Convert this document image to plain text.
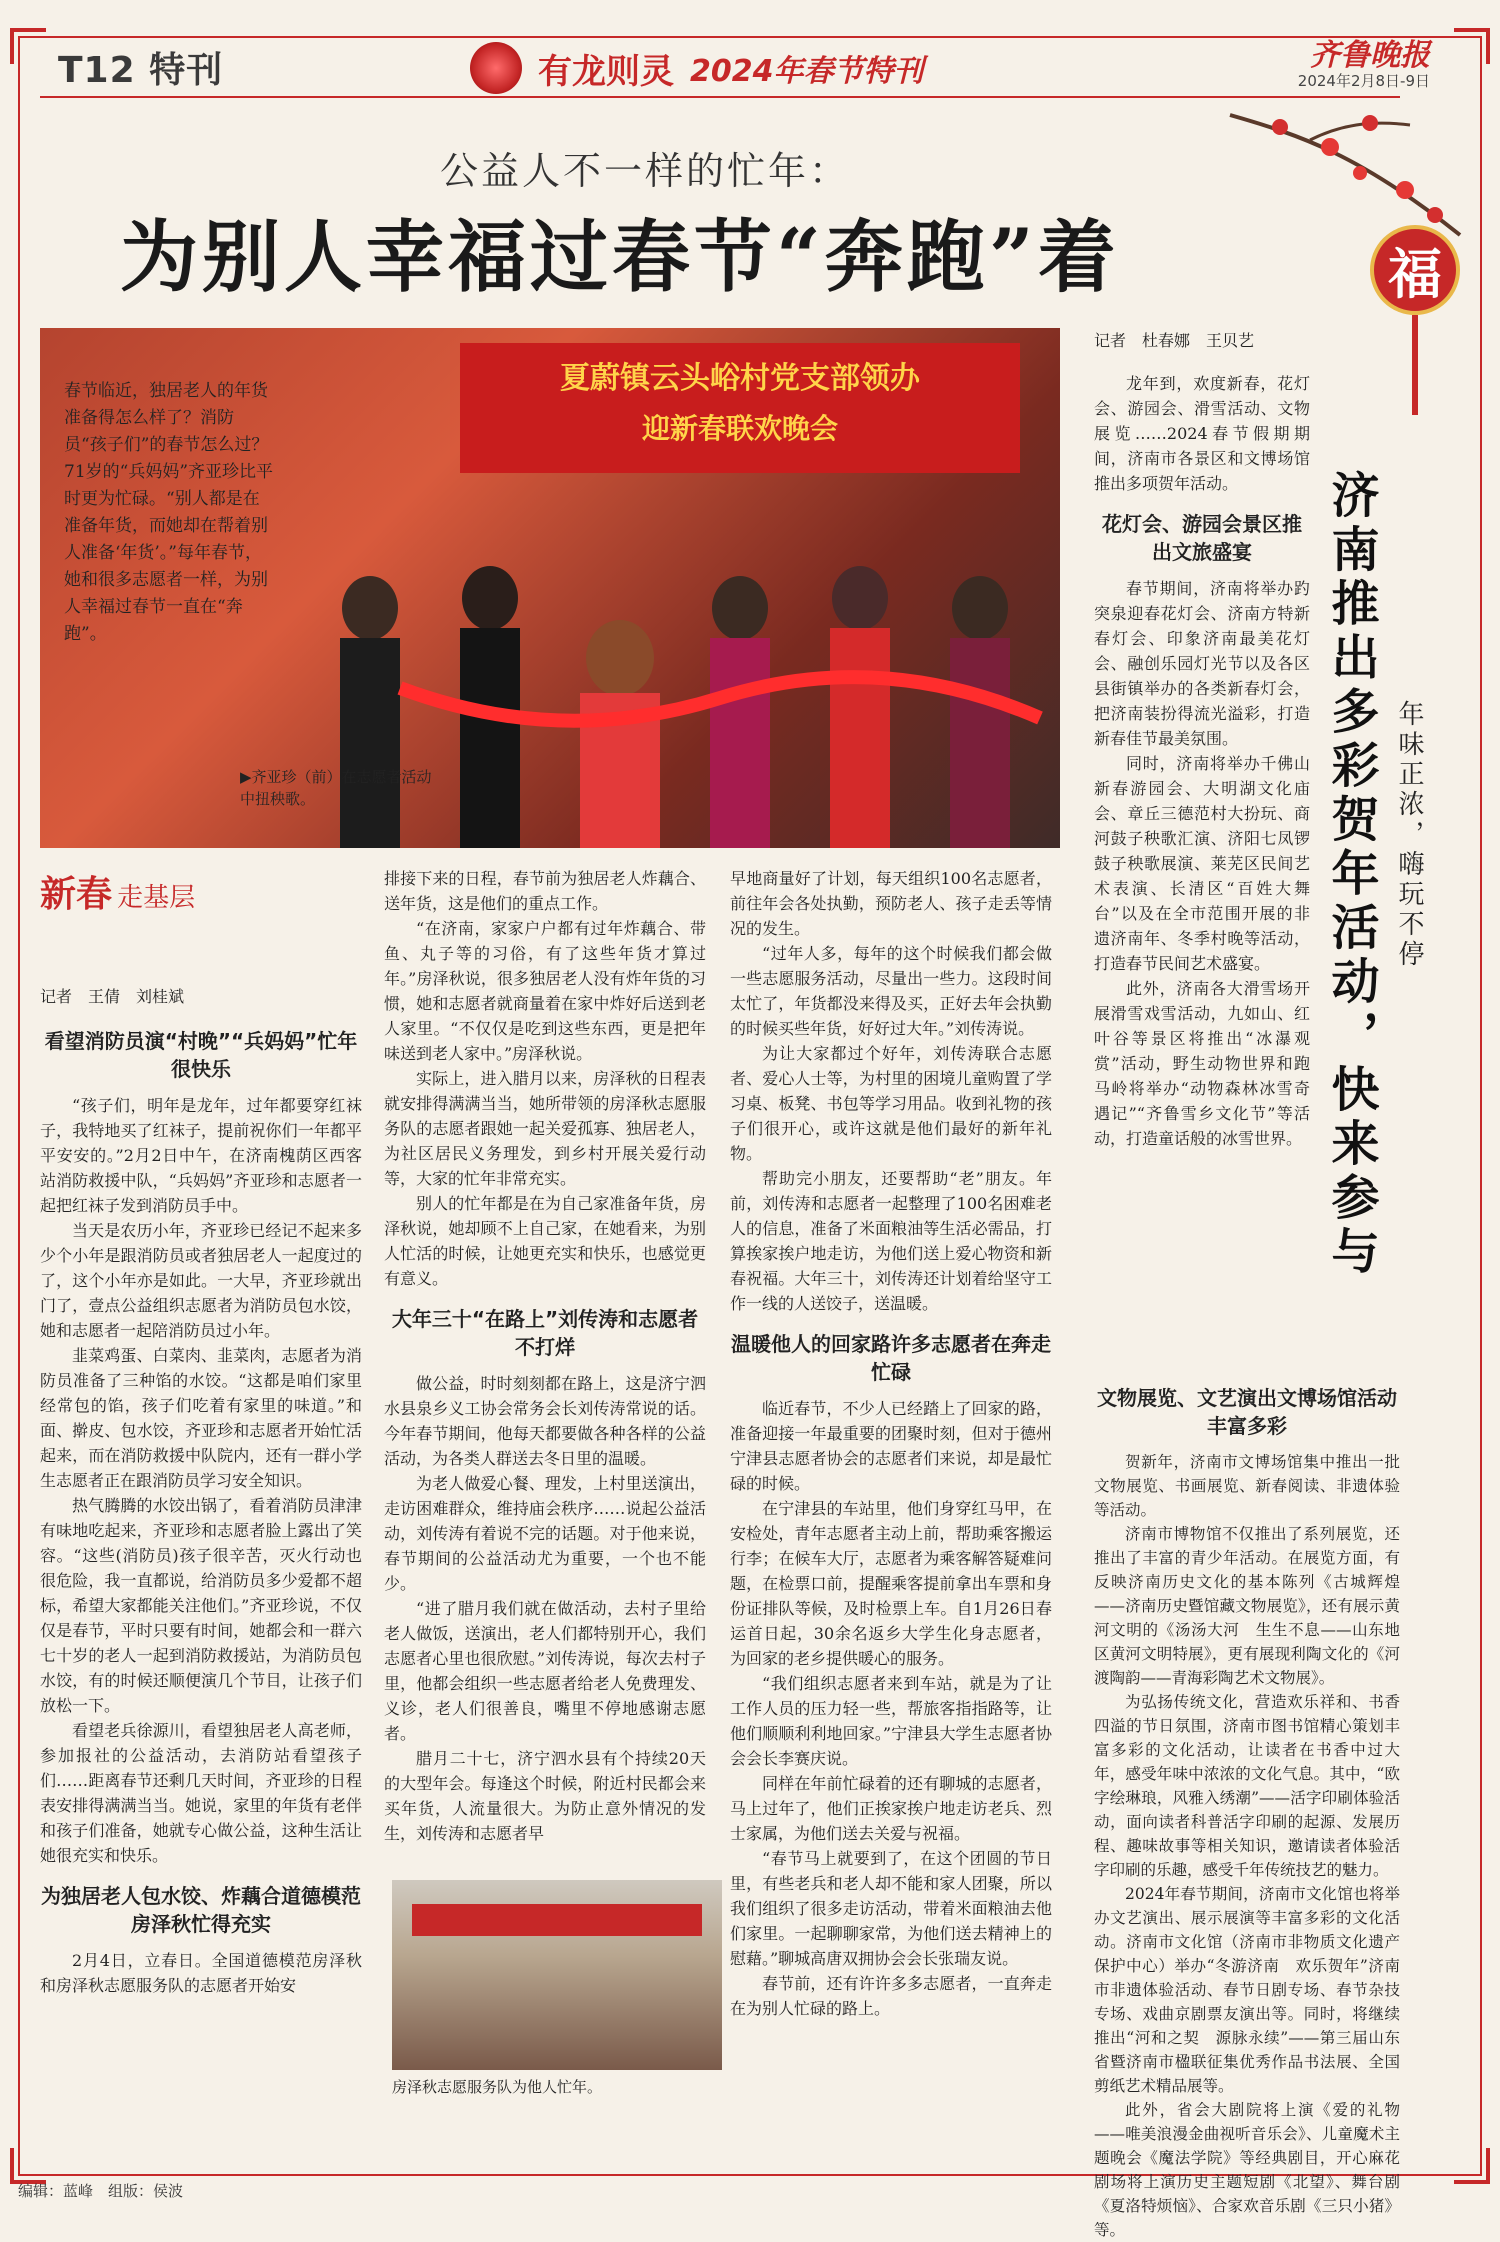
T12 特刊	有龙则灵 2024年春节特刊	齐鲁晚报
2024年2月8日-9日
公益人不一样的忙年：
为别人幸福过春节“奔跑”着	福
夏蔚镇云头峪村党支部领办
迎新春联欢晚会
春节临近，独居老人的年货准备得怎么样了？消防员“孩子们”的春节怎么过？71岁的“兵妈妈”齐亚珍比平时更为忙碌。“别人都是在准备年货，而她却在帮着别人准备‘年货’。”每年春节，她和很多志愿者一样，为别人幸福过春节一直在“奔跑”。
▶齐亚珍（前）在志愿者活动中扭秧歌。
新春 走基层
记者　王倩　刘桂斌
看望消防员演“村晚”“兵妈妈”忙年很快乐

“孩子们，明年是龙年，过年都要穿红袜子，我特地买了红袜子，提前祝你们一年都平平安安的。”2月2日中午，在济南槐荫区西客站消防救援中队，“兵妈妈”齐亚珍和志愿者一起把红袜子发到消防员手中。

当天是农历小年，齐亚珍已经记不起来多少个小年是跟消防员或者独居老人一起度过的了，这个小年亦是如此。一大早，齐亚珍就出门了，壹点公益组织志愿者为消防员包水饺，她和志愿者一起陪消防员过小年。

韭菜鸡蛋、白菜肉、韭菜肉，志愿者为消防员准备了三种馅的水饺。“这都是咱们家里经常包的馅，孩子们吃着有家里的味道。”和面、擀皮、包水饺，齐亚珍和志愿者开始忙活起来，而在消防救援中队院内，还有一群小学生志愿者正在跟消防员学习安全知识。

热气腾腾的水饺出锅了，看着消防员津津有味地吃起来，齐亚珍和志愿者脸上露出了笑容。“这些(消防员)孩子很辛苦，灭火行动也很危险，我一直都说，给消防员多少爱都不超标，希望大家都能关注他们。”齐亚珍说，不仅仅是春节，平时只要有时间，她都会和一群六七十岁的老人一起到消防救援站，为消防员包水饺，有的时候还顺便演几个节目，让孩子们放松一下。

看望老兵徐源川，看望独居老人高老师，参加报社的公益活动，去消防站看望孩子们……距离春节还剩几天时间，齐亚珍的日程表安排得满满当当。她说，家里的年货有老伴和孩子们准备，她就专心做公益，这种生活让她很充实和快乐。

为独居老人包水饺、炸藕合道德模范房泽秋忙得充实

2月4日，立春日。全国道德模范房泽秋和房泽秋志愿服务队的志愿者开始安

排接下来的日程，春节前为独居老人炸藕合、送年货，这是他们的重点工作。

“在济南，家家户户都有过年炸藕合、带鱼、丸子等的习俗，有了这些年货才算过年。”房泽秋说，很多独居老人没有炸年货的习惯，她和志愿者就商量着在家中炸好后送到老人家里。“不仅仅是吃到这些东西，更是把年味送到老人家中。”房泽秋说。

实际上，进入腊月以来，房泽秋的日程表就安排得满满当当，她所带领的房泽秋志愿服务队的志愿者跟她一起关爱孤寡、独居老人，为社区居民义务理发，到乡村开展关爱行动等，大家的忙年非常充实。

别人的忙年都是在为自己家准备年货，房泽秋说，她却顾不上自己家，在她看来，为别人忙活的时候，让她更充实和快乐，也感觉更有意义。

大年三十“在路上”刘传涛和志愿者不打烊

做公益，时时刻刻都在路上，这是济宁泗水县泉乡义工协会常务会长刘传涛常说的话。今年春节期间，他每天都要做各种各样的公益活动，为各类人群送去冬日里的温暖。

为老人做爱心餐、理发，上村里送演出，走访困难群众，维持庙会秩序……说起公益活动，刘传涛有着说不完的话题。对于他来说，春节期间的公益活动尤为重要，一个也不能少。

“进了腊月我们就在做活动，去村子里给老人做饭，送演出，老人们都特别开心，我们志愿者心里也很欣慰。”刘传涛说，每次去村子里，他都会组织一些志愿者给老人免费理发、义诊，老人们很善良，嘴里不停地感谢志愿者。

腊月二十七，济宁泗水县有个持续20天的大型年会。每逢这个时候，附近村民都会来买年货，人流量很大。为防止意外情况的发生，刘传涛和志愿者早

房泽秋志愿服务队为他人忙年。

早地商量好了计划，每天组织100名志愿者，前往年会各处执勤，预防老人、孩子走丢等情况的发生。

“过年人多，每年的这个时候我们都会做一些志愿服务活动，尽量出一些力。这段时间太忙了，年货都没来得及买，正好去年会执勤的时候买些年货，好好过大年。”刘传涛说。

为让大家都过个好年，刘传涛联合志愿者、爱心人士等，为村里的困境儿童购置了学习桌、板凳、书包等学习用品。收到礼物的孩子们很开心，或许这就是他们最好的新年礼物。

帮助完小朋友，还要帮助“老”朋友。年前，刘传涛和志愿者一起整理了100名困难老人的信息，准备了米面粮油等生活必需品，打算挨家挨户地走访，为他们送上爱心物资和新春祝福。大年三十，刘传涛还计划着给坚守工作一线的人送饺子，送温暖。

温暖他人的回家路许多志愿者在奔走忙碌

临近春节，不少人已经踏上了回家的路，准备迎接一年最重要的团聚时刻，但对于德州宁津县志愿者协会的志愿者们来说，却是最忙碌的时候。

在宁津县的车站里，他们身穿红马甲，在安检处，青年志愿者主动上前，帮助乘客搬运行李；在候车大厅，志愿者为乘客解答疑难问题，在检票口前，提醒乘客提前拿出车票和身份证排队等候，及时检票上车。自1月26日春运首日起，30余名返乡大学生化身志愿者，为回家的老乡提供暖心的服务。

“我们组织志愿者来到车站，就是为了让工作人员的压力轻一些，帮旅客指指路等，让他们顺顺利利地回家。”宁津县大学生志愿者协会会长李赛庆说。

同样在年前忙碌着的还有聊城的志愿者，马上过年了，他们正挨家挨户地走访老兵、烈士家属，为他们送去关爱与祝福。

“春节马上就要到了，在这个团圆的节日里，有些老兵和老人却不能和家人团聚，所以我们组织了很多走访活动，带着米面粮油去他们家里。一起聊聊家常，为他们送去精神上的慰藉。”聊城高唐双拥协会会长张瑞友说。

春节前，还有许许多多志愿者，一直奔走在为别人忙碌的路上。

济南推出多彩贺年活动，快来参与 年味正浓，嗨玩不停
记者　杜春娜　王贝艺

龙年到，欢度新春，花灯会、游园会、滑雪活动、文物展览……2024春节假期期间，济南市各景区和文博场馆推出多项贺年活动。

花灯会、游园会景区推出文旅盛宴

春节期间，济南将举办趵突泉迎春花灯会、济南方特新春灯会、印象济南最美花灯会、融创乐园灯光节以及各区县街镇举办的各类新春灯会，把济南装扮得流光溢彩，打造新春佳节最美氛围。

同时，济南将举办千佛山新春游园会、大明湖文化庙会、章丘三德范村大扮玩、商河鼓子秧歌汇演、济阳七凤锣鼓子秧歌展演、莱芜区民间艺术表演、长清区“百姓大舞台”以及在全市范围开展的非遗济南年、冬季村晚等活动，打造春节民间艺术盛宴。

此外，济南各大滑雪场开展滑雪戏雪活动，九如山、红叶谷等景区将推出“冰瀑观赏”活动，野生动物世界和跑马岭将举办“动物森林冰雪奇遇记”“齐鲁雪乡文化节”等活动，打造童话般的冰雪世界。

文物展览、文艺演出文博场馆活动丰富多彩

贺新年，济南市文博场馆集中推出一批文物展览、书画展览、新春阅读、非遗体验等活动。

济南市博物馆不仅推出了系列展览，还推出了丰富的青少年活动。在展览方面，有反映济南历史文化的基本陈列《古城辉煌——济南历史暨馆藏文物展览》，还有展示黄河文明的《汤汤大河　生生不息——山东地区黄河文明特展》，更有展现利陶文化的《河渡陶韵——青海彩陶艺术文物展》。

为弘扬传统文化，营造欢乐祥和、书香四溢的节日氛围，济南市图书馆精心策划丰富多彩的文化活动，让读者在书香中过大年，感受年味中浓浓的文化气息。其中，“欧字绘琳琅，风雅入绣潮”——活字印刷体验活动，面向读者科普活字印刷的起源、发展历程、趣味故事等相关知识，邀请读者体验活字印刷的乐趣，感受千年传统技艺的魅力。

2024年春节期间，济南市文化馆也将举办文艺演出、展示展演等丰富多彩的文化活动。济南市文化馆（济南市非物质文化遗产保护中心）举办“冬游济南　欢乐贺年”济南市非遗体验活动、春节日剧专场、春节杂技专场、戏曲京剧票友演出等。同时，将继续推出“河和之契　源脉永续”——第三届山东省暨济南市楹联征集优秀作品书法展、全国剪纸艺术精品展等。

此外，省会大剧院将上演《爱的礼物——唯美浪漫金曲视听音乐会》、儿童魔术主题晚会《魔法学院》等经典剧目，开心麻花剧场将上演历史主题短剧《北望》、舞台剧《夏洛特烦恼》、合家欢音乐剧《三只小猪》等。

编辑：蓝峰　组版：侯波
